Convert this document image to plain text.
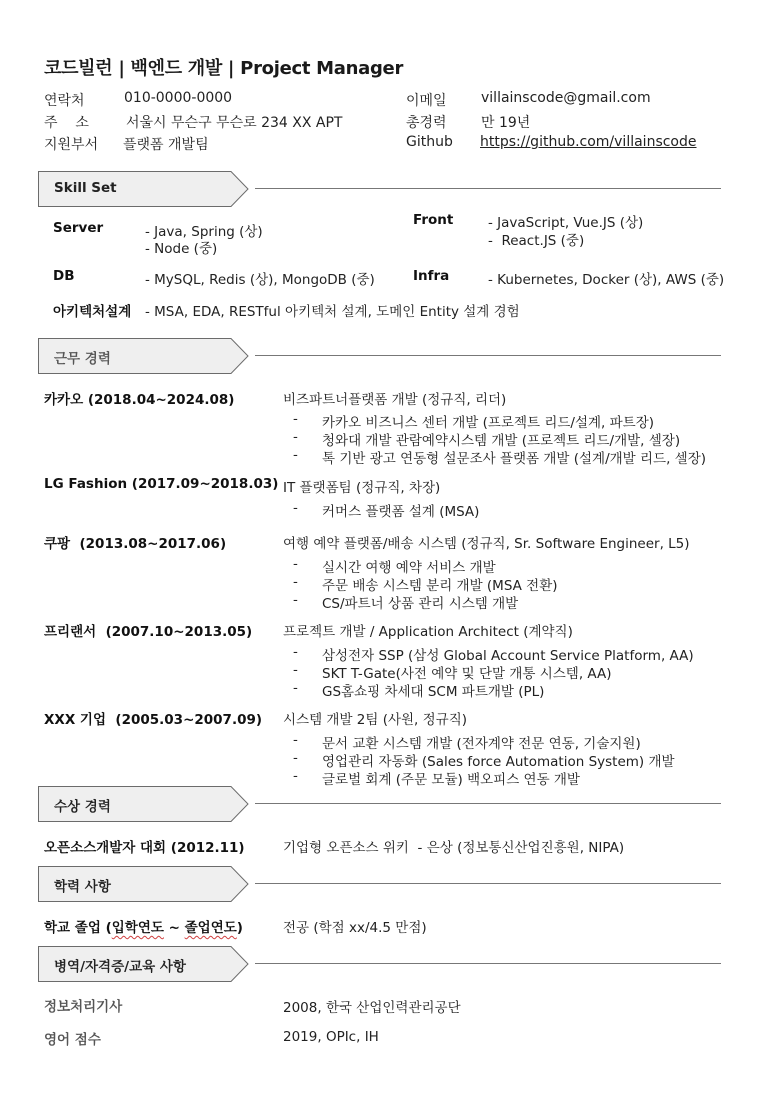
코드빌런 | 백엔드 개발 | Project Manager
연락처	010-0000-0000
주    소	서울시 무슨구 무슨로 234 XX APT
지원부서 플랫폼 개발팀
이메일 villainscode@gmail.com
총경력 만 19년
Github https://github.com/villainscode
Skill Set
Server	- Java, Spring (상)
- Node (중)
Front	- JavaScript, Vue.JS (상)
-  React.JS (중)
DB	- MySQL, Redis (상), MongoDB (중)	Infra	- Kubernetes, Docker (상), AWS (중)
아키텍처설계 - MSA, EDA, RESTful 아키텍처 설계, 도메인 Entity 설계 경험
근무 경력
카카오 (2018.04~2024.08)	비즈파트너플랫폼 개발 (정규직, 리더)
- 카카오 비즈니스 센터 개발 (프로젝트 리드/설계, 파트장)
- 청와대 개발 관람예약시스템 개발 (프로젝트 리드/개발, 셀장)
- 톡 기반 광고 연동형 설문조사 플랫폼 개발 (설계/개발 리드, 셀장)
LG Fashion (2017.09~2018.03) IT 플랫폼팀 (정규직, 차장)
- 커머스 플랫폼 설계 (MSA)
쿠팡  (2013.08~2017.06)	여행 예약 플랫폼/배송 시스템 (정규직, Sr. Software Engineer, L5)
- 실시간 여행 예약 서비스 개발
- 주문 배송 시스템 분리 개발 (MSA 전환)
- CS/파트너 상품 관리 시스템 개발
프리랜서  (2007.10~2013.05) 프로젝트 개발 / Application Architect (계약직)
- 삼성전자 SSP (삼성 Global Account Service Platform, AA)
- SKT T-Gate(사전 예약 및 단말 개통 시스템, AA)
- GS홈쇼핑 차세대 SCM 파트개발 (PL)
XXX 기업  (2005.03~2007.09) 시스템 개발 2팀 (사원, 정규직)
- 문서 교환 시스템 개발 (전자계약 전문 연동, 기술지원)
- 영업관리 자동화 (Sales force Automation System) 개발
- 글로벌 회계 (주문 모듈) 백오피스 연동 개발
수상 경력
오픈소스개발자 대회 (2012.11)	기업형 오픈소스 위키  - 은상 (정보통신산업진흥원, NIPA)
학력 사항
학교 졸업 (입학연도 ~ 졸업연도)	전공 (학점 xx/4.5 만점)
병역/자격증/교육 사항
정보처리기사	2008, 한국 산업인력관리공단
영어 점수	2019, OPIc, IH
